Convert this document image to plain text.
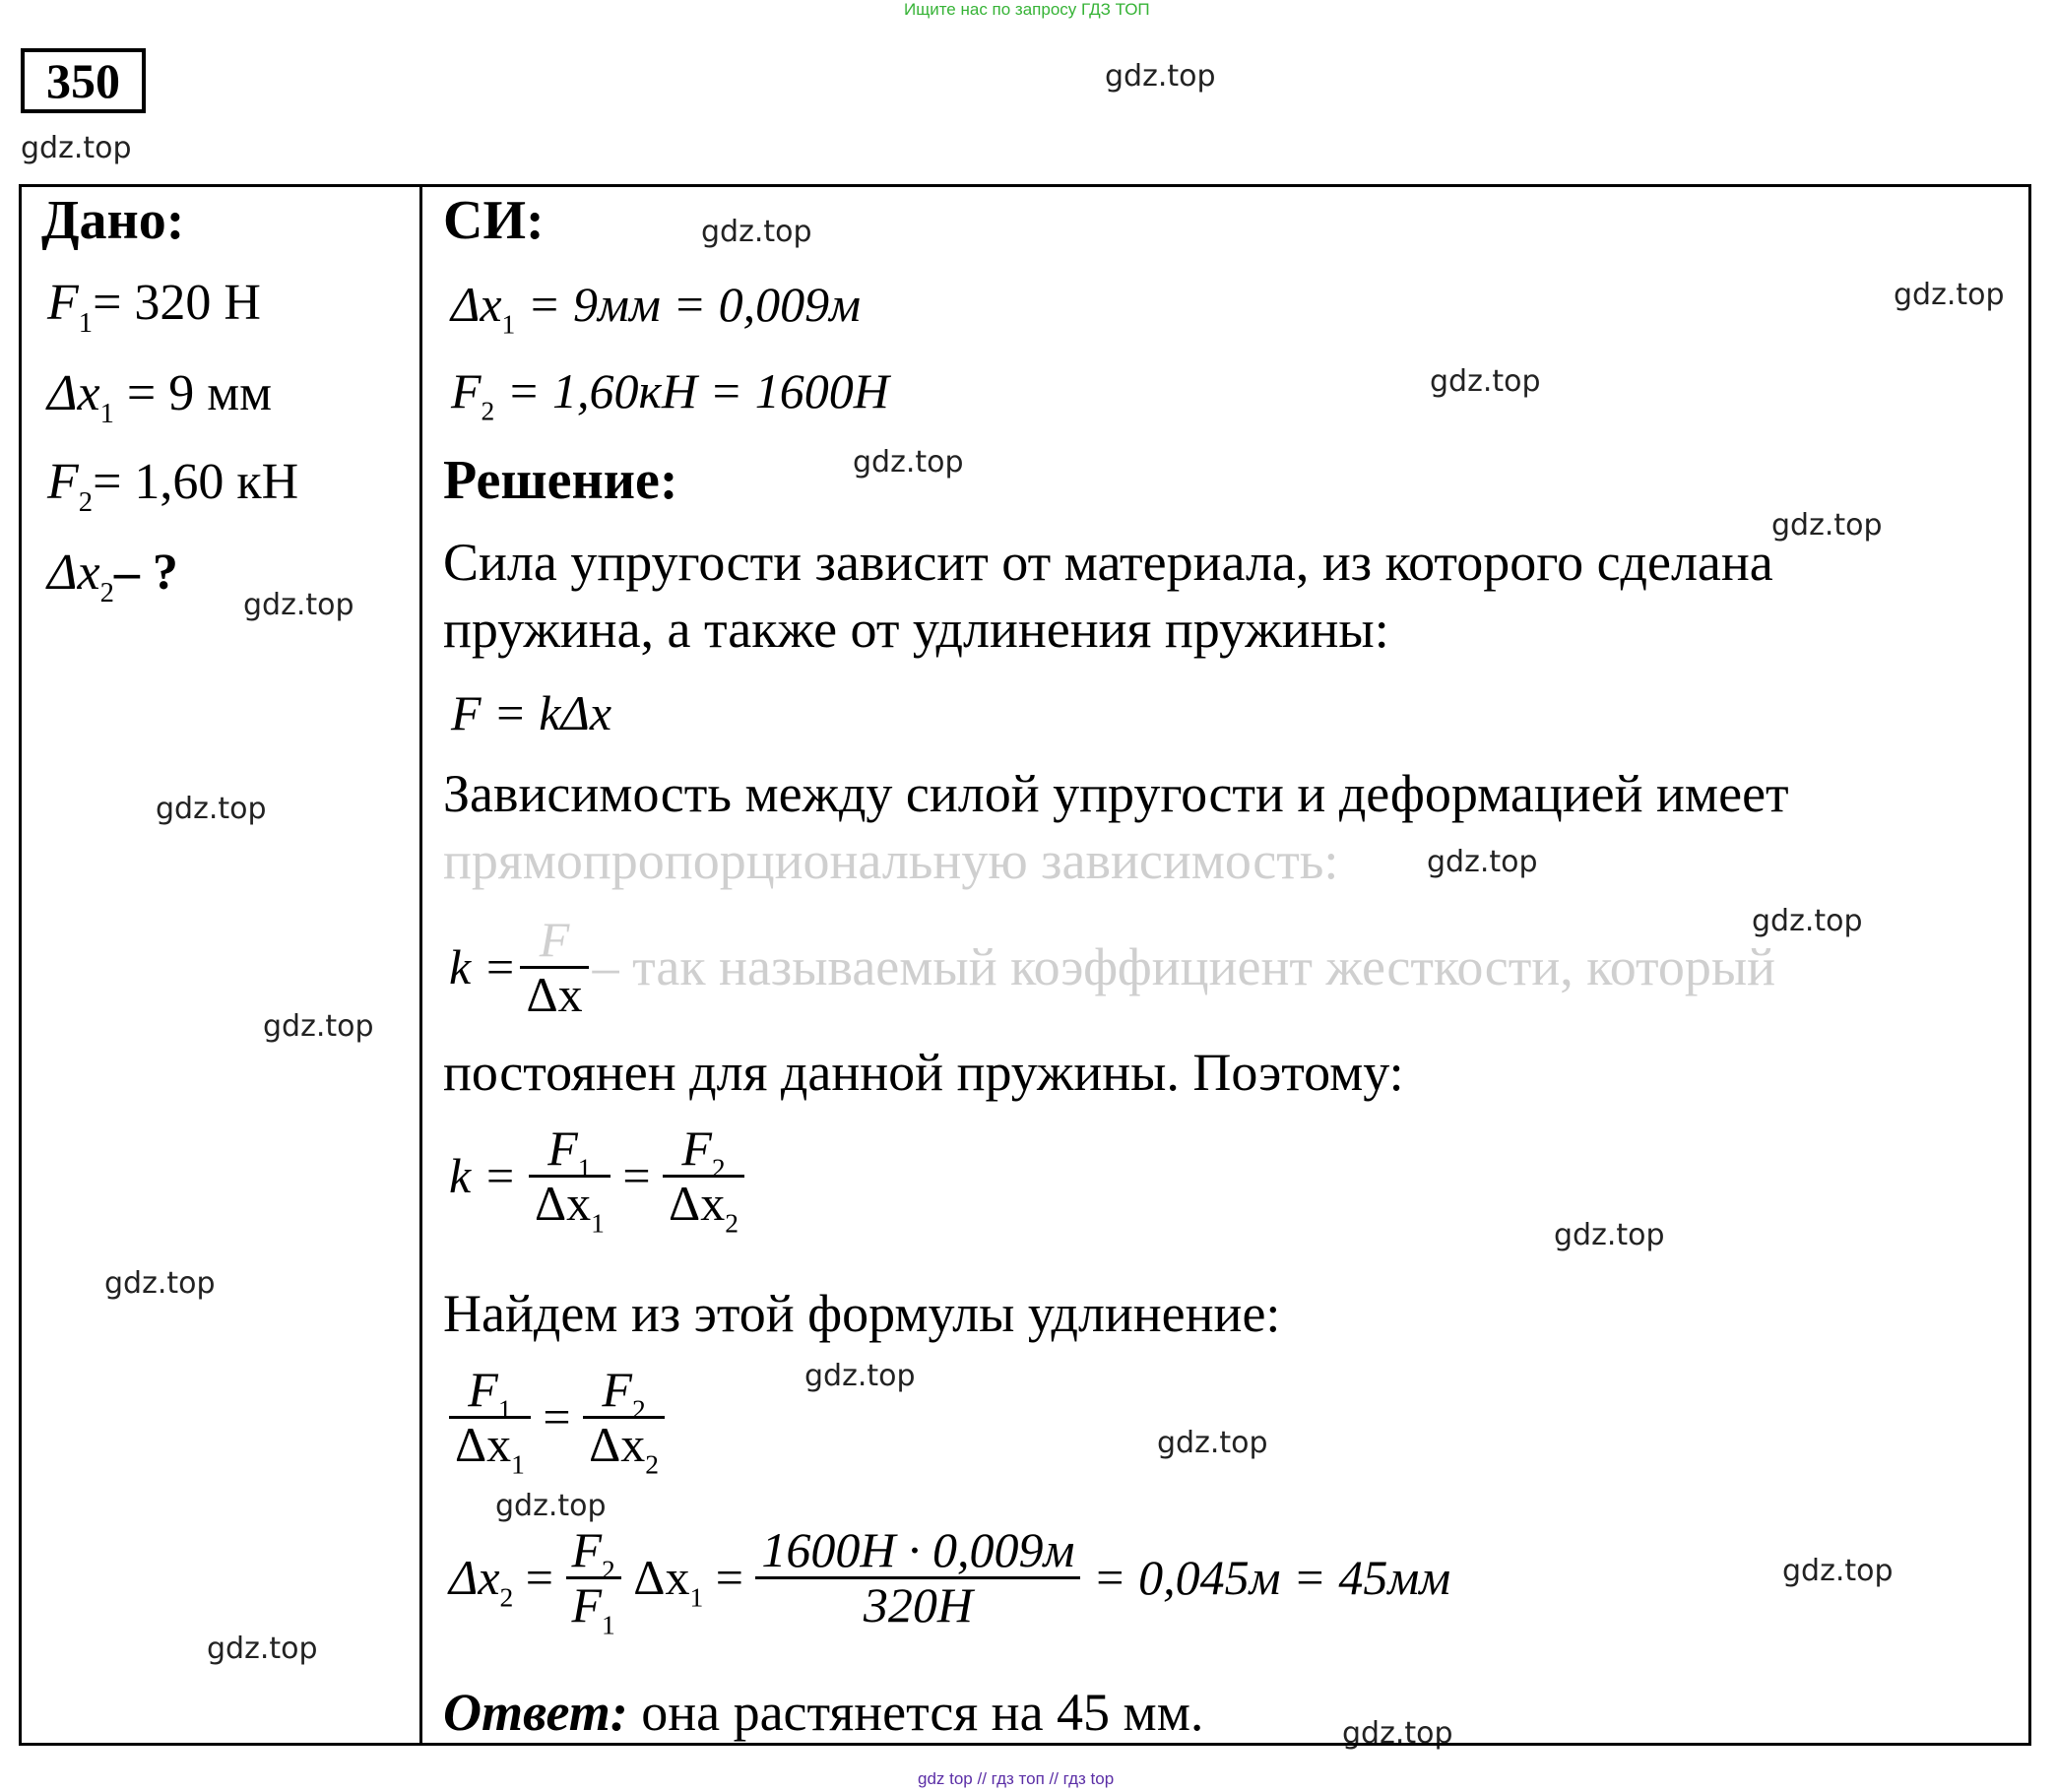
Ищите нас по запросу ГДЗ ТОП
350	gdz.top
gdz.top
gdz.top
gdz.top
gdz.top
gdz.top
gdz.top
gdz.top
gdz.top
gdz.top
gdz.top
gdz.top
gdz.top
gdz.top
gdz.top
gdz.top
gdz.top
gdz.top
gdz.top
gdz.top
Дано:
$F_1= 320$ Н
$\Delta x_1 = 9$ мм
$F_2= 1,60$ кН
$\Delta x_2-$ ?
СИ:
$\Delta x_1 = 9мм = 0,009м$
$F_2 = 1,60кН = 1600Н$
Решение:
Сила упругости зависит от материала, из которого сделана
пружина, а также от удлинения пружины:
F = kΔx
Зависимость между силой упругости и деформацией имеет
прямопропорциональную зависимость:
$k = \frac{F}{\Delta x}$ – так называемый коэффициент жесткости, который
постоянен для данной пружины. Поэтому:
$k = \frac{F_1}{\Delta x_1} = \frac{F_2}{\Delta x_2}$
Найдем из этой формулы удлинение:
$\frac{F_1}{\Delta x_1} = \frac{F_2}{\Delta x_2}$
$\Delta x_2 = \frac{F_2}{F_1} \Delta x_1 = \frac{1600Н \cdot 0,009м}{320Н} = 0,045м = 45мм$
Ответ: она растянется на 45 мм.
gdz top // гдз топ // гдз top
